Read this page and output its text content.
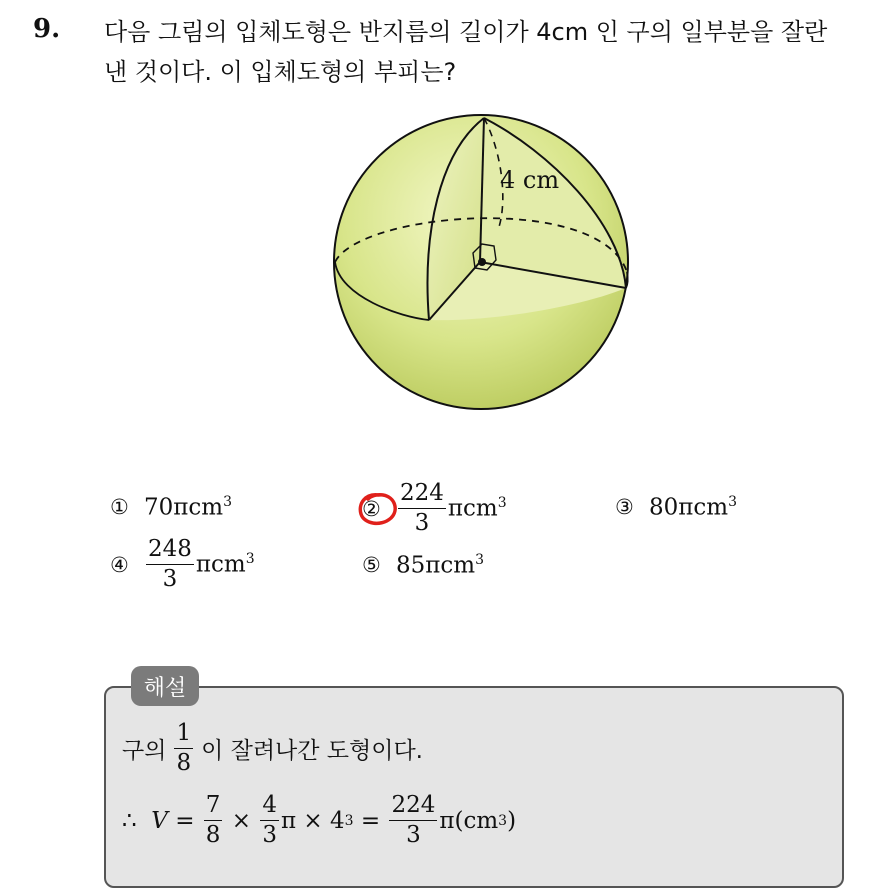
9. 다음 그림의 입체도형은 반지름의 길이가 4cm 인 구의 일부분을 잘란
낸 것이다. 이 입체도형의 부피는?
4 cm
① 70πcm$^3$	② $\frac{224}{3} \pi cm^3$	③ 80πcm$^3$
④ $\frac{248}{3} \pi cm^3$	⑤ 85πcm$^3$
해설
구의 $\frac{1}{8}$ 이 잘려나간 도형이다.
∴
V
=
$\frac{7}{8}$
×
$\frac{4}{3}$ π
×
4 3
=
$\frac{224}{3} \pi(cm$ 3 )
